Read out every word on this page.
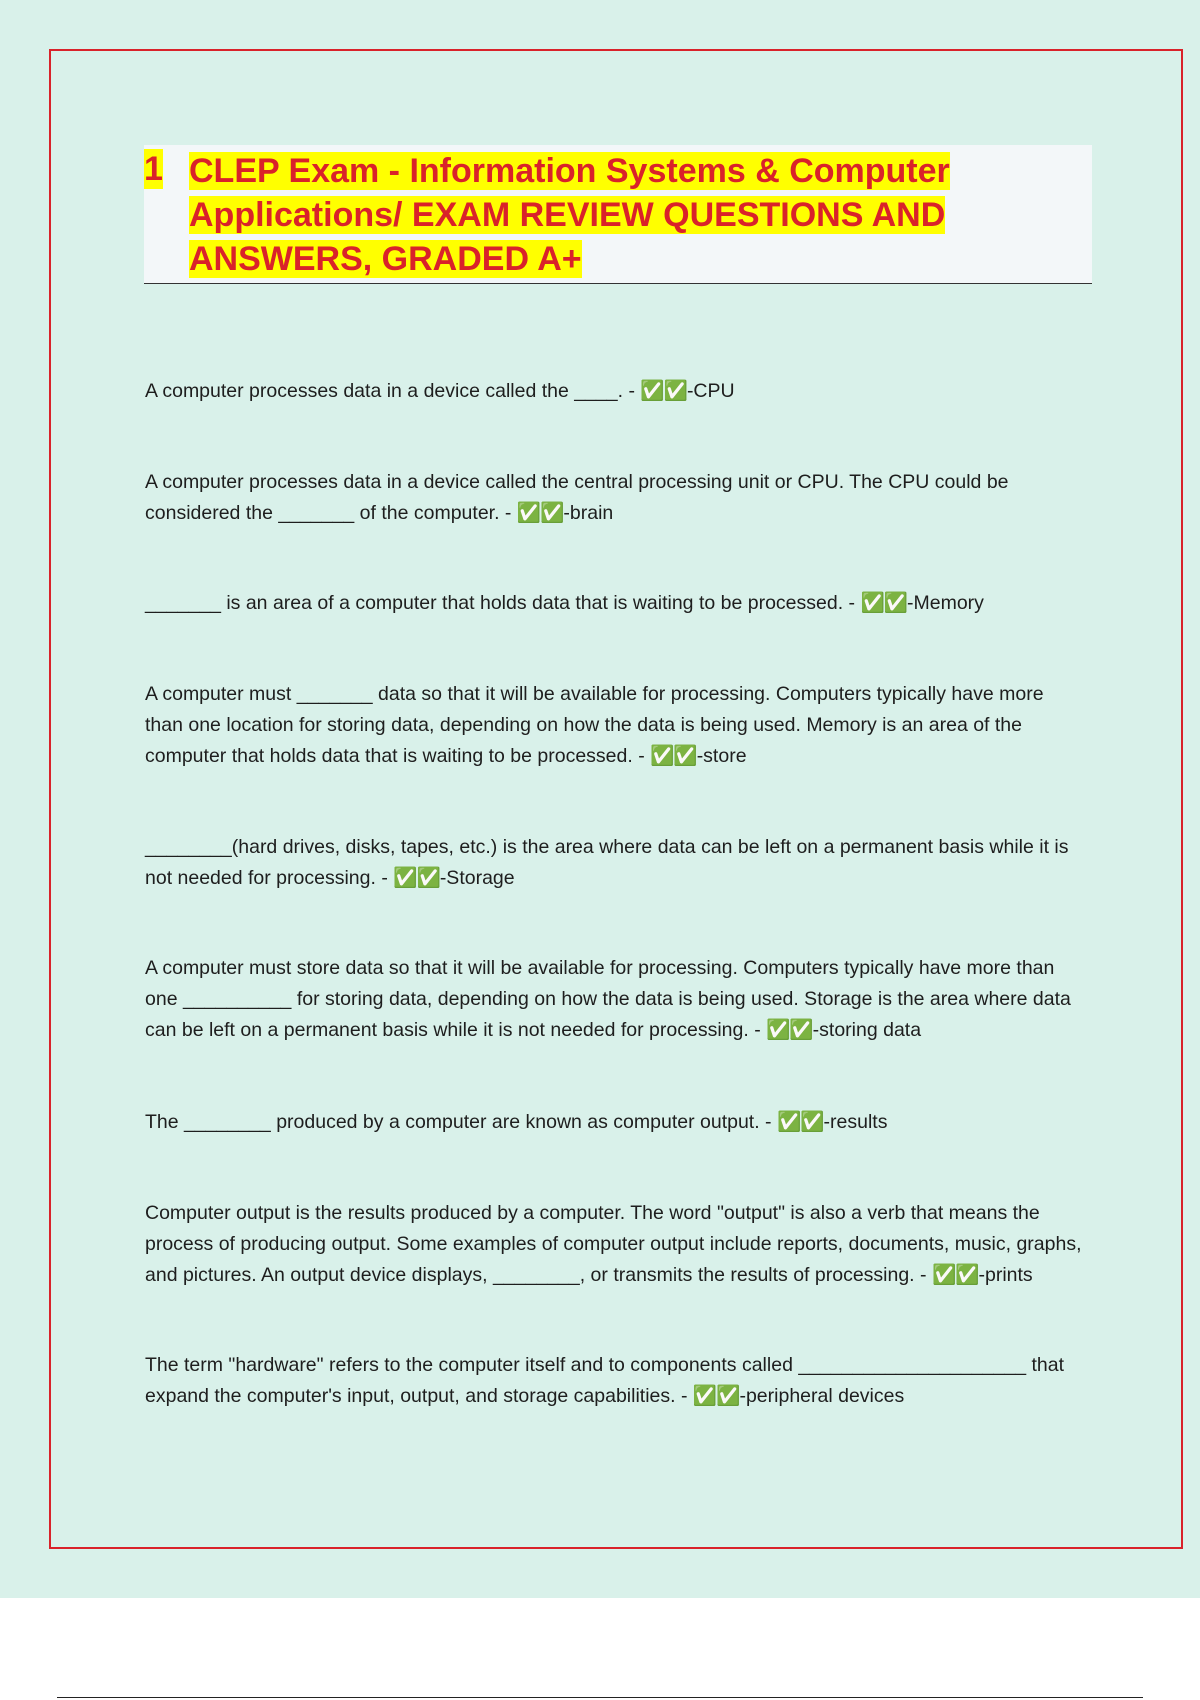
1 CLEP Exam - Information Systems & Computer
Applications/ EXAM REVIEW QUESTIONS AND
ANSWERS, GRADED A+

A computer processes data in a device called the ____. - ✅✅-CPU

A computer processes data in a device called the central processing unit or CPU. The CPU could be considered the _______ of the computer. - ✅✅-brain

_______ is an area of a computer that holds data that is waiting to be processed. - ✅✅-Memory

A computer must _______ data so that it will be available for processing. Computers typically have more than one location for storing data, depending on how the data is being used. Memory is an area of the computer that holds data that is waiting to be processed. - ✅✅-store

________(hard drives, disks, tapes, etc.) is the area where data can be left on a permanent basis while it is not needed for processing. - ✅✅-Storage

A computer must store data so that it will be available for processing. Computers typically have more than one __________ for storing data, depending on how the data is being used. Storage is the area where data can be left on a permanent basis while it is not needed for processing. - ✅✅-storing data

The ________ produced by a computer are known as computer output. - ✅✅-results

Computer output is the results produced by a computer. The word "output" is also a verb that means the process of producing output. Some examples of computer output include reports, documents, music, graphs, and pictures. An output device displays, ________, or transmits the results of processing. - ✅✅-prints

The term "hardware" refers to the computer itself and to components called _____________________ that expand the computer's input, output, and storage capabilities. - ✅✅-peripheral devices
